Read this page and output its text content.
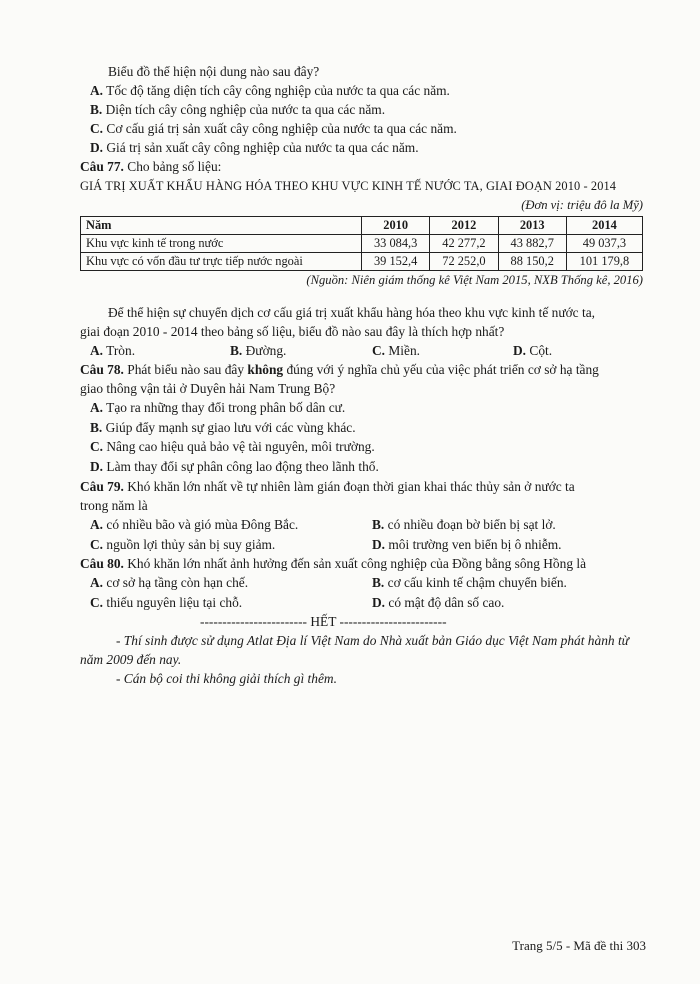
Biểu đồ thể hiện nội dung nào sau đây?
A. Tốc độ tăng diện tích cây công nghiệp của nước ta qua các năm.
B. Diện tích cây công nghiệp của nước ta qua các năm.
C. Cơ cấu giá trị sản xuất cây công nghiệp của nước ta qua các năm.
D. Giá trị sản xuất cây công nghiệp của nước ta qua các năm.
Câu 77. Cho bảng số liệu:
GIÁ TRỊ XUẤT KHẨU HÀNG HÓA THEO KHU VỰC KINH TẾ NƯỚC TA, GIAI ĐOẠN 2010 - 2014
(Đơn vị: triệu đô la Mỹ)
Năm	2010	2012	2013	2014
Khu vực kinh tế trong nước	33 084,3	42 277,2	43 882,7	49 037,3
Khu vực có vốn đầu tư trực tiếp nước ngoài	39 152,4	72 252,0	88 150,2	101 179,8
(Nguồn: Niên giám thống kê Việt Nam 2015, NXB Thống kê, 2016)
Để thể hiện sự chuyển dịch cơ cấu giá trị xuất khẩu hàng hóa theo khu vực kinh tế nước ta,
giai đoạn 2010 - 2014 theo bảng số liệu, biểu đồ nào sau đây là thích hợp nhất?
A. Tròn.	B. Đường.	C. Miền.	D. Cột.
Câu 78. Phát biểu nào sau đây không đúng với ý nghĩa chủ yếu của việc phát triển cơ sở hạ tầng
giao thông vận tải ở Duyên hải Nam Trung Bộ?
A. Tạo ra những thay đổi trong phân bố dân cư.
B. Giúp đẩy mạnh sự giao lưu với các vùng khác.
C. Nâng cao hiệu quả bảo vệ tài nguyên, môi trường.
D. Làm thay đổi sự phân công lao động theo lãnh thổ.
Câu 79. Khó khăn lớn nhất về tự nhiên làm gián đoạn thời gian khai thác thủy sản ở nước ta
trong năm là
A. có nhiều bão và gió mùa Đông Bắc.	B. có nhiều đoạn bờ biển bị sạt lở.
C. nguồn lợi thủy sản bị suy giảm.	D. môi trường ven biển bị ô nhiễm.
Câu 80. Khó khăn lớn nhất ảnh hưởng đến sản xuất công nghiệp của Đồng bằng sông Hồng là
A. cơ sở hạ tầng còn hạn chế.	B. cơ cấu kinh tế chậm chuyển biến.
C. thiếu nguyên liệu tại chỗ.	D. có mật độ dân số cao.
------------------------ HẾT ------------------------
- Thí sinh được sử dụng Atlat Địa lí Việt Nam do Nhà xuất bản Giáo dục Việt Nam phát hành từ
năm 2009 đến nay.
- Cán bộ coi thi không giải thích gì thêm.
Trang 5/5 - Mã đề thi 303
